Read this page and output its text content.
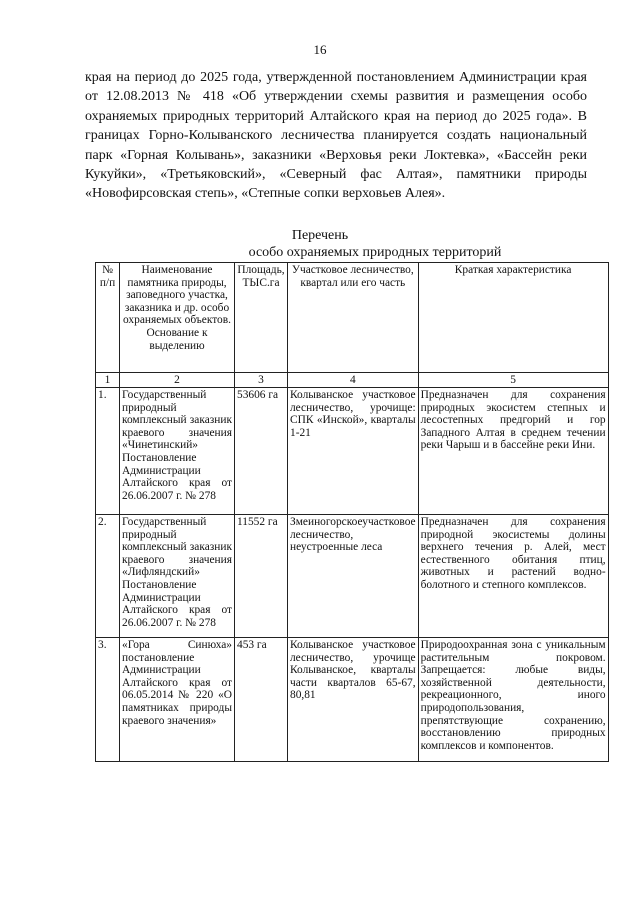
16

края на период до 2025 года, утвержденной постановлением Администрации края от 12.08.2013 № 418 «Об утверждении схемы развития и размещения особо охраняемых природных территорий Алтайского края на период до 2025 года». В границах Горно-Колыванского лесничества планируется создать национальный парк «Горная Колывань», заказники «Верховья реки Локтевка», «Бассейн реки Кукуйки», «Третьяковский», «Северный фас Алтая», памятники природы «Новофирсовская степь», «Степные сопки верховьев Алея».

Перечень
особо охраняемых природных территорий
№ п/п	Наименование памятника природы, заповедного участка, заказника и др. особо охраняемых объектов. Основание к выделению	Площадь, ТЫС.га	Участковое лесничество, квартал или его часть	Краткая характеристика
1	2	3	4	5
1.	Государственный природный комплексный заказник краевого значения «Чинетинский» Постановление Администрации Алтайского края от 26.06.2007 г. № 278	53606 га	Колыванское участковое лесничество, урочище: СПК «Инской», кварталы 1-21	Предназначен для сохранения природных экосистем степных и лесостепных предгорий и гор Западного Алтая в среднем течении реки Чарыш и в бассейне реки Ини.
2.	Государственный природный комплексный заказник краевого значения «Лифляндский» Постановление Администрации Алтайского края от 26.06.2007 г. № 278	11552 га	Змеиногорскоеучастковое лесничество, неустроенные леса	Предназначен для сохранения природной экосистемы долины верхнего течения р. Алей, мест естественного обитания птиц, животных и растений водно-болотного и степного комплексов.
3.	«Гора Синюха» постановление Администрации Алтайского края от 06.05.2014 № 220 «О памятниках природы краевого значения»	453 га	Колыванское участковое лесничество, урочище Колыванское, кварталы части кварталов 65-67, 80,81	Природоохранная зона с уникальным растительным покровом. Запрещается: любые виды, хозяйственной деятельности, рекреационного, иного природопользования, препятствующие сохранению, восстановлению природных комплексов и компонентов.
